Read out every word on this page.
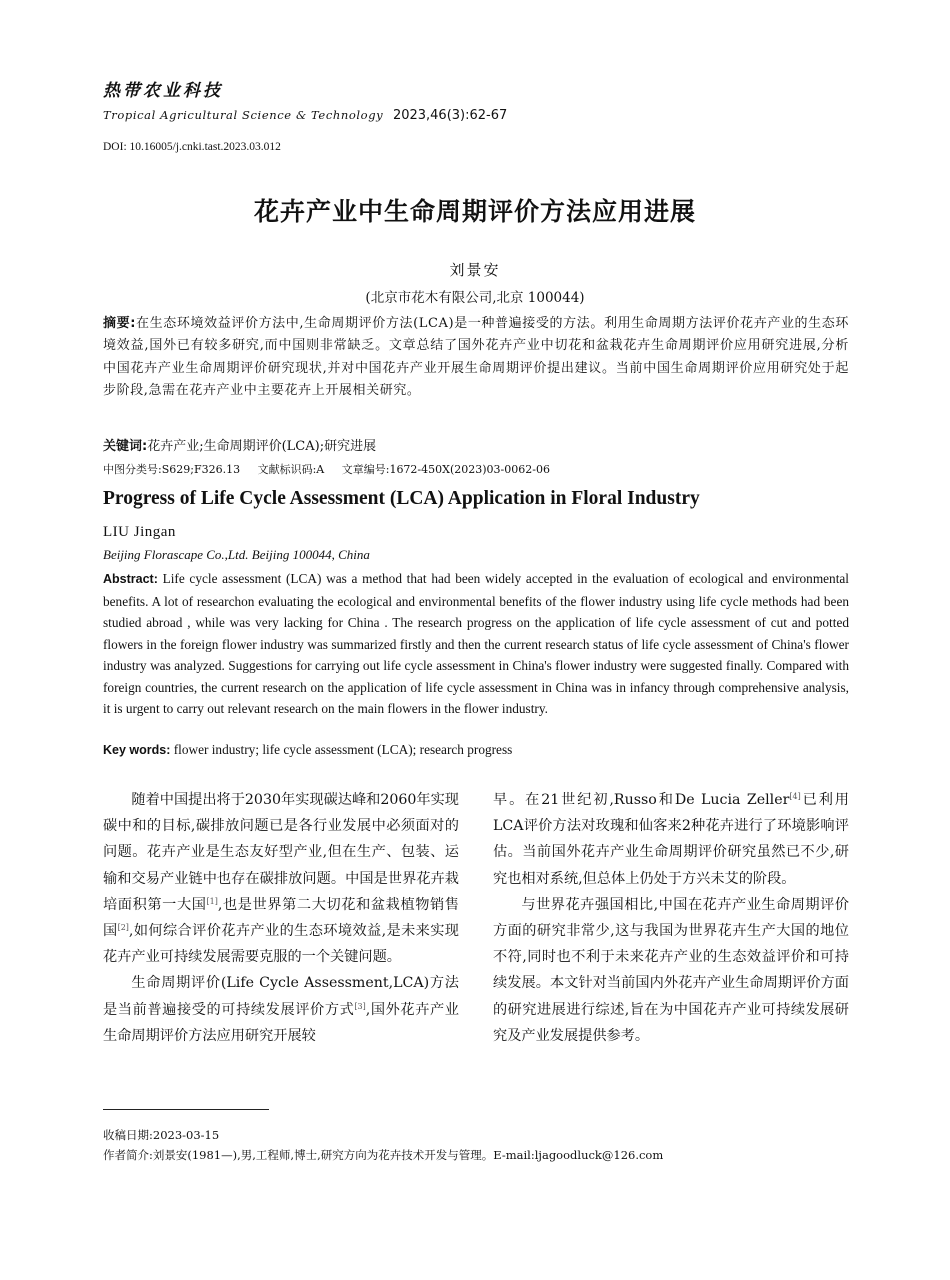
热带农业科技
Tropical Agricultural Science & Technology 2023,46(3):62-67
DOI: 10.16005/j.cnki.tast.2023.03.012
花卉产业中生命周期评价方法应用进展
刘景安
(北京市花木有限公司,北京 100044)
摘要:在生态环境效益评价方法中,生命周期评价方法(LCA)是一种普遍接受的方法。利用生命周期方法评价花卉产业的生态环境效益,国外已有较多研究,而中国则非常缺乏。文章总结了国外花卉产业中切花和盆栽花卉生命周期评价应用研究进展,分析中国花卉产业生命周期评价研究现状,并对中国花卉产业开展生命周期评价提出建议。当前中国生命周期评价应用研究处于起步阶段,急需在花卉产业中主要花卉上开展相关研究。
关键词:花卉产业;生命周期评价(LCA);研究进展
中图分类号:S629;F326.13 文献标识码:A 文章编号:1672-450X(2023)03-0062-06
Progress of Life Cycle Assessment (LCA) Application in Floral Industry
LIU Jingan
Beijing Florascape Co.,Ltd. Beijing 100044, China
Abstract: Life cycle assessment (LCA) was a method that had been widely accepted in the evaluation of ecological and environmental benefits. A lot of researchon evaluating the ecological and environmental benefits of the flower industry using life cycle methods had been studied abroad , while was very lacking for China . The research progress on the application of life cycle assessment of cut and potted flowers in the foreign flower industry was summarized firstly and then the current research status of life cycle assessment of China's flower industry was analyzed. Suggestions for carrying out life cycle assessment in China's flower industry were suggested finally. Compared with foreign countries, the current research on the application of life cycle assessment in China was in infancy through comprehensive analysis, it is urgent to carry out relevant research on the main flowers in the flower industry.
Key words: flower industry; life cycle assessment (LCA); research progress

随着中国提出将于2030年实现碳达峰和2060年实现碳中和的目标,碳排放问题已是各行业发展中必须面对的问题。花卉产业是生态友好型产业,但在生产、包装、运输和交易产业链中也存在碳排放问题。中国是世界花卉栽培面积第一大国[1],也是世界第二大切花和盆栽植物销售国[2],如何综合评价花卉产业的生态环境效益,是未来实现花卉产业可持续发展需要克服的一个关键问题。

生命周期评价(Life Cycle Assessment,LCA)方法是当前普遍接受的可持续发展评价方式[3],国外花卉产业生命周期评价方法应用研究开展较

早。在21世纪初,Russo和De Lucia Zeller[4]已利用LCA评价方法对玫瑰和仙客来2种花卉进行了环境影响评估。当前国外花卉产业生命周期评价研究虽然已不少,研究也相对系统,但总体上仍处于方兴未艾的阶段。

与世界花卉强国相比,中国在花卉产业生命周期评价方面的研究非常少,这与我国为世界花卉生产大国的地位不符,同时也不利于未来花卉产业的生态效益评价和可持续发展。本文针对当前国内外花卉产业生命周期评价方面的研究进展进行综述,旨在为中国花卉产业可持续发展研究及产业发展提供参考。

收稿日期:2023-03-15
作者简介:刘景安(1981—),男,工程师,博士,研究方向为花卉技术开发与管理。E-mail:ljagoodluck@126.com
